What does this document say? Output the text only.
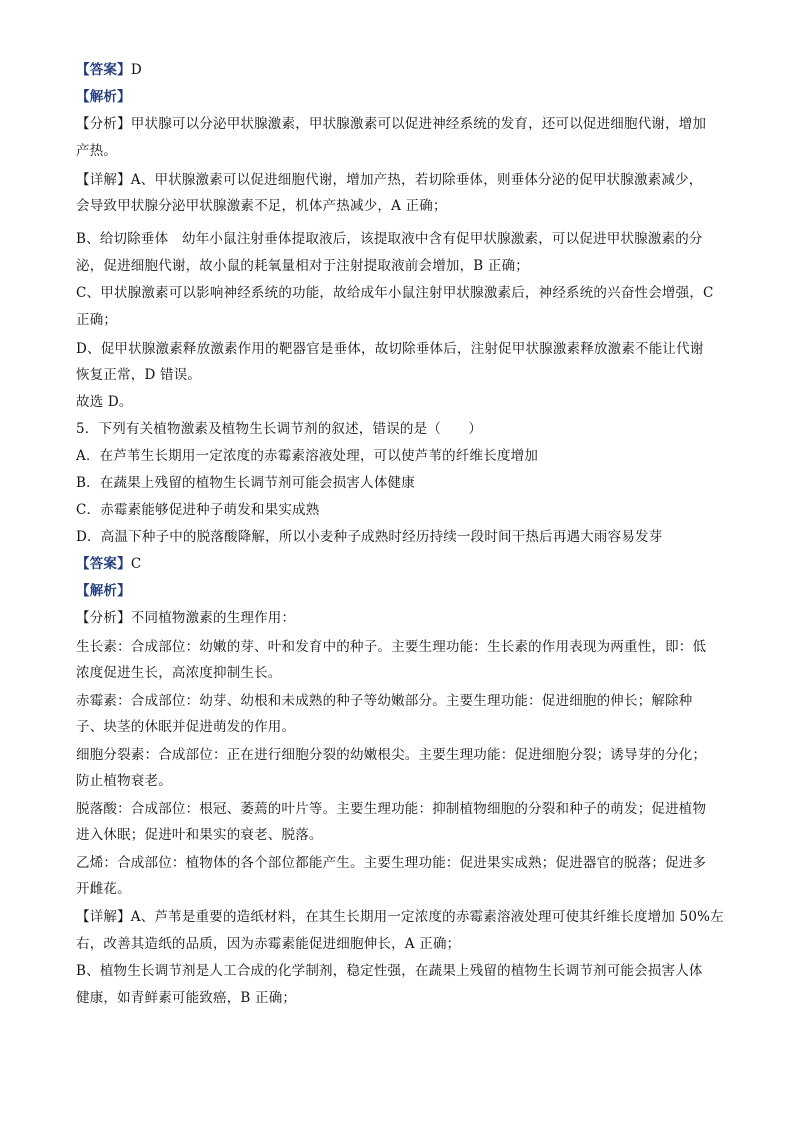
【答案】D
【解析】
【分析】甲状腺可以分泌甲状腺激素，甲状腺激素可以促进神经系统的发育，还可以促进细胞代谢，增加
产热。
【详解】A、甲状腺激素可以促进细胞代谢，增加产热，若切除垂体，则垂体分泌的促甲状腺激素减少，
会导致甲状腺分泌甲状腺激素不足，机体产热减少，A 正确；
B、给切除垂体　幼年小鼠注射垂体提取液后，该提取液中含有促甲状腺激素，可以促进甲状腺激素的分
泌，促进细胞代谢，故小鼠的耗氧量相对于注射提取液前会增加，B 正确；
C、甲状腺激素可以影响神经系统的功能，故给成年小鼠注射甲状腺激素后，神经系统的兴奋性会增强，C
正确；
D、促甲状腺激素释放激素作用的靶器官是垂体，故切除垂体后，注射促甲状腺激素释放激素不能让代谢
恢复正常，D 错误。
故选 D。
5．下列有关植物激素及植物生长调节剂的叙述，错误的是（　　）
A．在芦苇生长期用一定浓度的赤霉素溶液处理，可以使芦苇的纤维长度增加
B．在蔬果上残留的植物生长调节剂可能会损害人体健康
C．赤霉素能够促进种子萌发和果实成熟
D．高温下种子中的脱落酸降解，所以小麦种子成熟时经历持续一段时间干热后再遇大雨容易发芽
【答案】C
【解析】
【分析】不同植物激素的生理作用：
生长素：合成部位：幼嫩的芽、叶和发育中的种子。主要生理功能：生长素的作用表现为两重性，即：低
浓度促进生长，高浓度抑制生长。
赤霉素：合成部位：幼芽、幼根和未成熟的种子等幼嫩部分。主要生理功能：促进细胞的伸长；解除种
子、块茎的休眠并促进萌发的作用。
细胞分裂素：合成部位：正在进行细胞分裂的幼嫩根尖。主要生理功能：促进细胞分裂；诱导芽的分化；
防止植物衰老。
脱落酸：合成部位：根冠、萎蔫的叶片等。主要生理功能：抑制植物细胞的分裂和种子的萌发；促进植物
进入休眠；促进叶和果实的衰老、脱落。
乙烯：合成部位：植物体的各个部位都能产生。主要生理功能：促进果实成熟；促进器官的脱落；促进多
开雌花。
【详解】A、芦苇是重要的造纸材料，在其生长期用一定浓度的赤霉素溶液处理可使其纤维长度增加 50%左
右，改善其造纸的品质，因为赤霉素能促进细胞伸长，A 正确；
B、植物生长调节剂是人工合成的化学制剂，稳定性强，在蔬果上残留的植物生长调节剂可能会损害人体
健康，如青鲜素可能致癌，B 正确；
